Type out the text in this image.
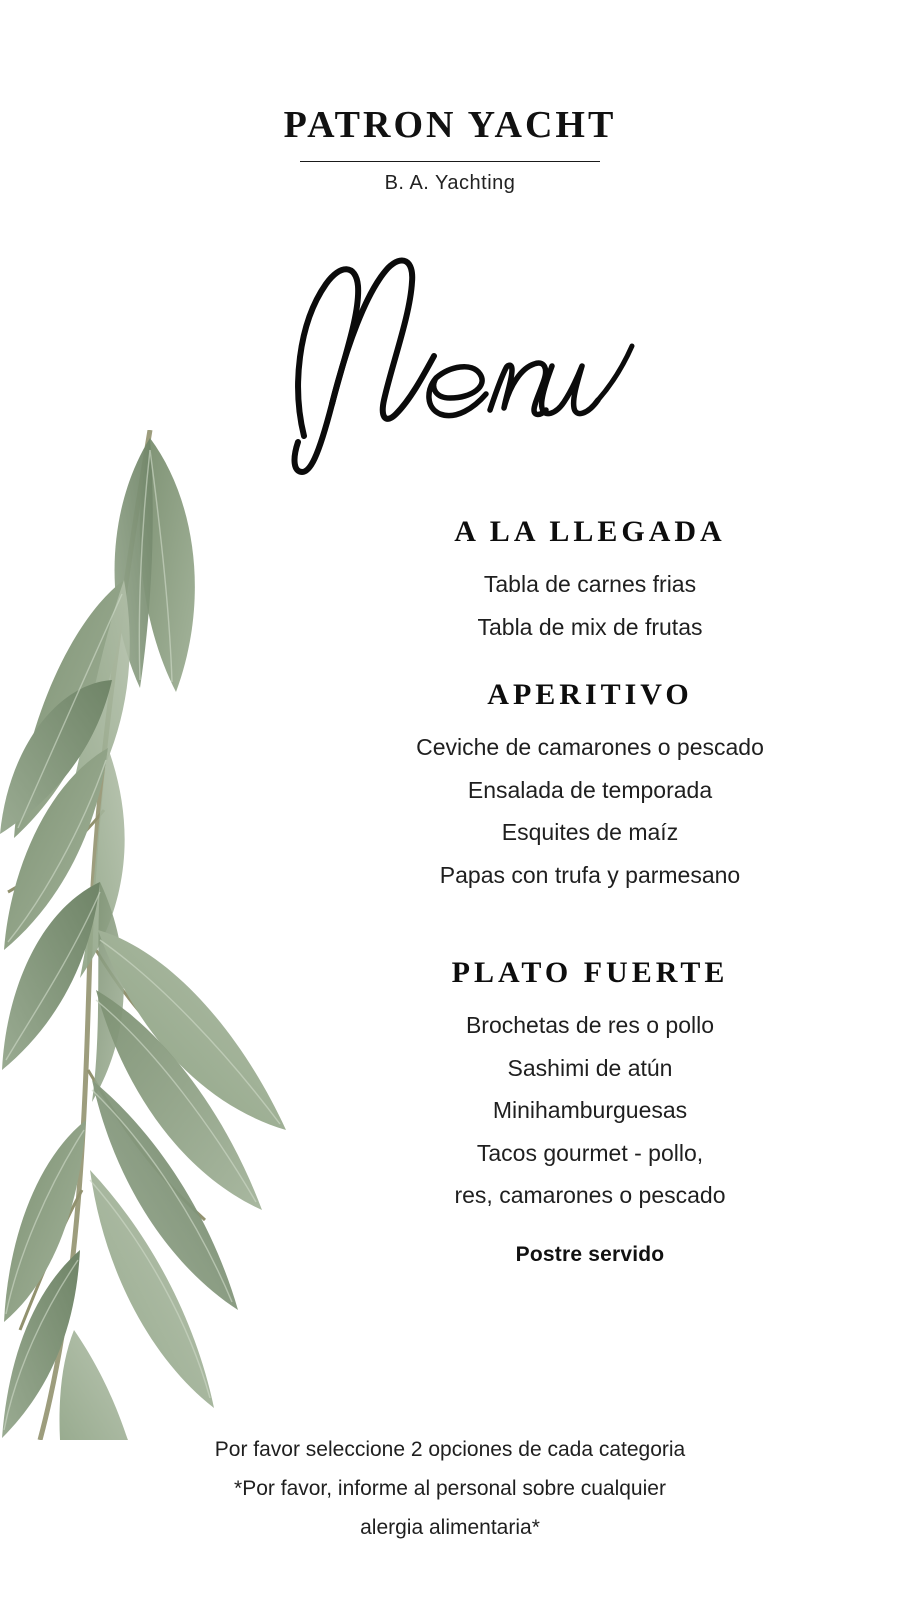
PATRON YACHT

B. A. Yachting

A LA LLEGADA

Tabla de carnes frias

Tabla de mix de frutas

APERITIVO

Ceviche de camarones o pescado

Ensalada de temporada

Esquites de maíz

Papas con trufa y parmesano

PLATO FUERTE

Brochetas de res o pollo

Sashimi de atún

Minihamburguesas

Tacos gourmet - pollo,

res, camarones o pescado

Postre servido

Por favor seleccione 2 opciones de cada categoria

*Por favor, informe al personal sobre cualquier

alergia alimentaria*
